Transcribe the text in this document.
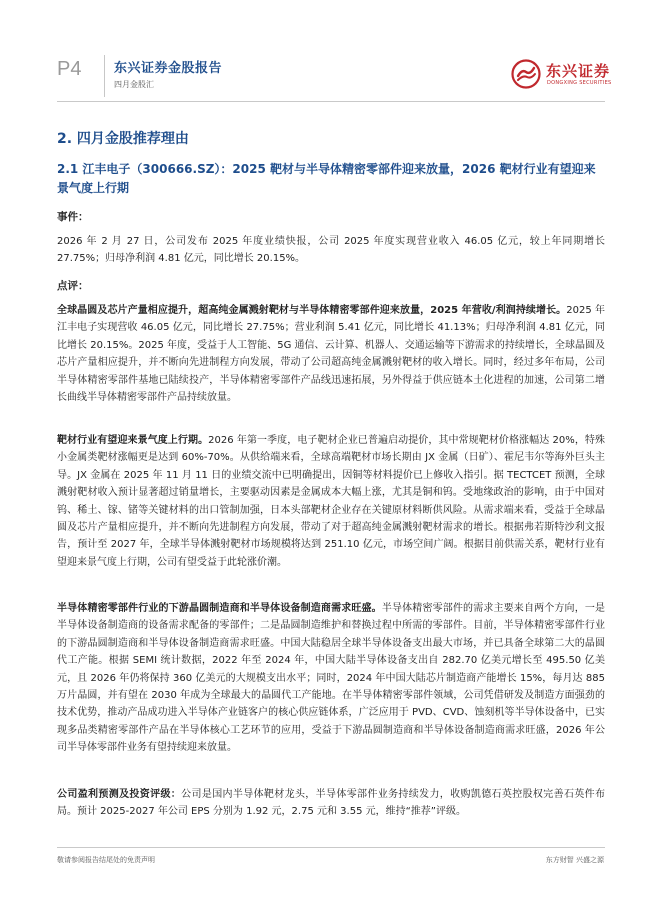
P4	东兴证券金股报告
四月金股汇
东兴证券
DONGXING SECURITIES
2. 四月金股推荐理由
2.1 江丰电子（300666.SZ）：2025 靶材与半导体精密零部件迎来放量，2026 靶材行业有望迎来景气度上行期
事件：
2026 年 2 月 27 日，公司发布 2025 年度业绩快报，公司 2025 年度实现营业收入 46.05 亿元，较上年同期增长 27.75%；归母净利润 4.81 亿元，同比增长 20.15%。
点评：
全球晶圆及芯片产量相应提升，超高纯金属溅射靶材与半导体精密零部件迎来放量，2025 年营收/利润持续增长。2025 年江丰电子实现营收 46.05 亿元，同比增长 27.75%；营业利润 5.41 亿元，同比增长 41.13%；归母净利润 4.81 亿元，同比增长 20.15%。2025 年度，受益于人工智能、5G 通信、云计算、机器人、交通运输等下游需求的持续增长，全球晶圆及芯片产量相应提升，并不断向先进制程方向发展，带动了公司超高纯金属溅射靶材的收入增长。同时，经过多年布局，公司半导体精密零部件基地已陆续投产，半导体精密零部件产品线迅速拓展，另外得益于供应链本土化进程的加速，公司第二增长曲线半导体精密零部件产品持续放量。
靶材行业有望迎来景气度上行期。2026 年第一季度，电子靶材企业已普遍启动提价，其中常规靶材价格涨幅达 20%，特殊小金属类靶材涨幅更是达到 60%-70%。从供给端来看，全球高端靶材市场长期由 JX 金属（日矿）、霍尼韦尔等海外巨头主导。JX 金属在 2025 年 11 月 11 日的业绩交流中已明确提出，因铜等材料提价已上修收入指引。据 TECTCET 预测，全球溅射靶材收入预计显著超过销量增长，主要驱动因素是金属成本大幅上涨，尤其是铜和钨。受地缘政治的影响，由于中国对钨、稀土、镓、锗等关键材料的出口管制加强，日本头部靶材企业存在关键原材料断供风险。从需求端来看，受益于全球晶圆及芯片产量相应提升，并不断向先进制程方向发展，带动了对于超高纯金属溅射靶材需求的增长。根据弗若斯特沙利文报告，预计至 2027 年，全球半导体溅射靶材市场规模将达到 251.10 亿元，市场空间广阔。根据目前供需关系，靶材行业有望迎来景气度上行期，公司有望受益于此轮涨价潮。
半导体精密零部件行业的下游晶圆制造商和半导体设备制造商需求旺盛。半导体精密零部件的需求主要来自两个方向，一是半导体设备制造商的设备需求配备的零部件；二是晶圆制造维护和替换过程中所需的零部件。目前，半导体精密零部件行业的下游晶圆制造商和半导体设备制造商需求旺盛。中国大陆稳居全球半导体设备支出最大市场，并已具备全球第二大的晶圆代工产能。根据 SEMI 统计数据，2022 年至 2024 年，中国大陆半导体设备支出自 282.70 亿美元增长至 495.50 亿美元，且 2026 年仍将保持 360 亿美元的大规模支出水平；同时，2024 年中国大陆芯片制造商产能增长 15%，每月达 885 万片晶圆，并有望在 2030 年成为全球最大的晶圆代工产能地。在半导体精密零部件领域，公司凭借研发及制造方面强劲的技术优势，推动产品成功进入半导体产业链客户的核心供应链体系，广泛应用于 PVD、CVD、蚀刻机等半导体设备中，已实现多品类精密零部件产品在半导体核心工艺环节的应用，受益于下游晶圆制造商和半导体设备制造商需求旺盛，2026 年公司半导体零部件业务有望持续迎来放量。
公司盈利预测及投资评级：公司是国内半导体靶材龙头，半导体零部件业务持续发力，收购凯德石英控股权完善石英件布局。预计 2025-2027 年公司 EPS 分别为 1.92 元，2.75 元和 3.55 元，维持“推荐”评级。
敬请参阅报告结尾处的免责声明	东方财智 兴盛之源
